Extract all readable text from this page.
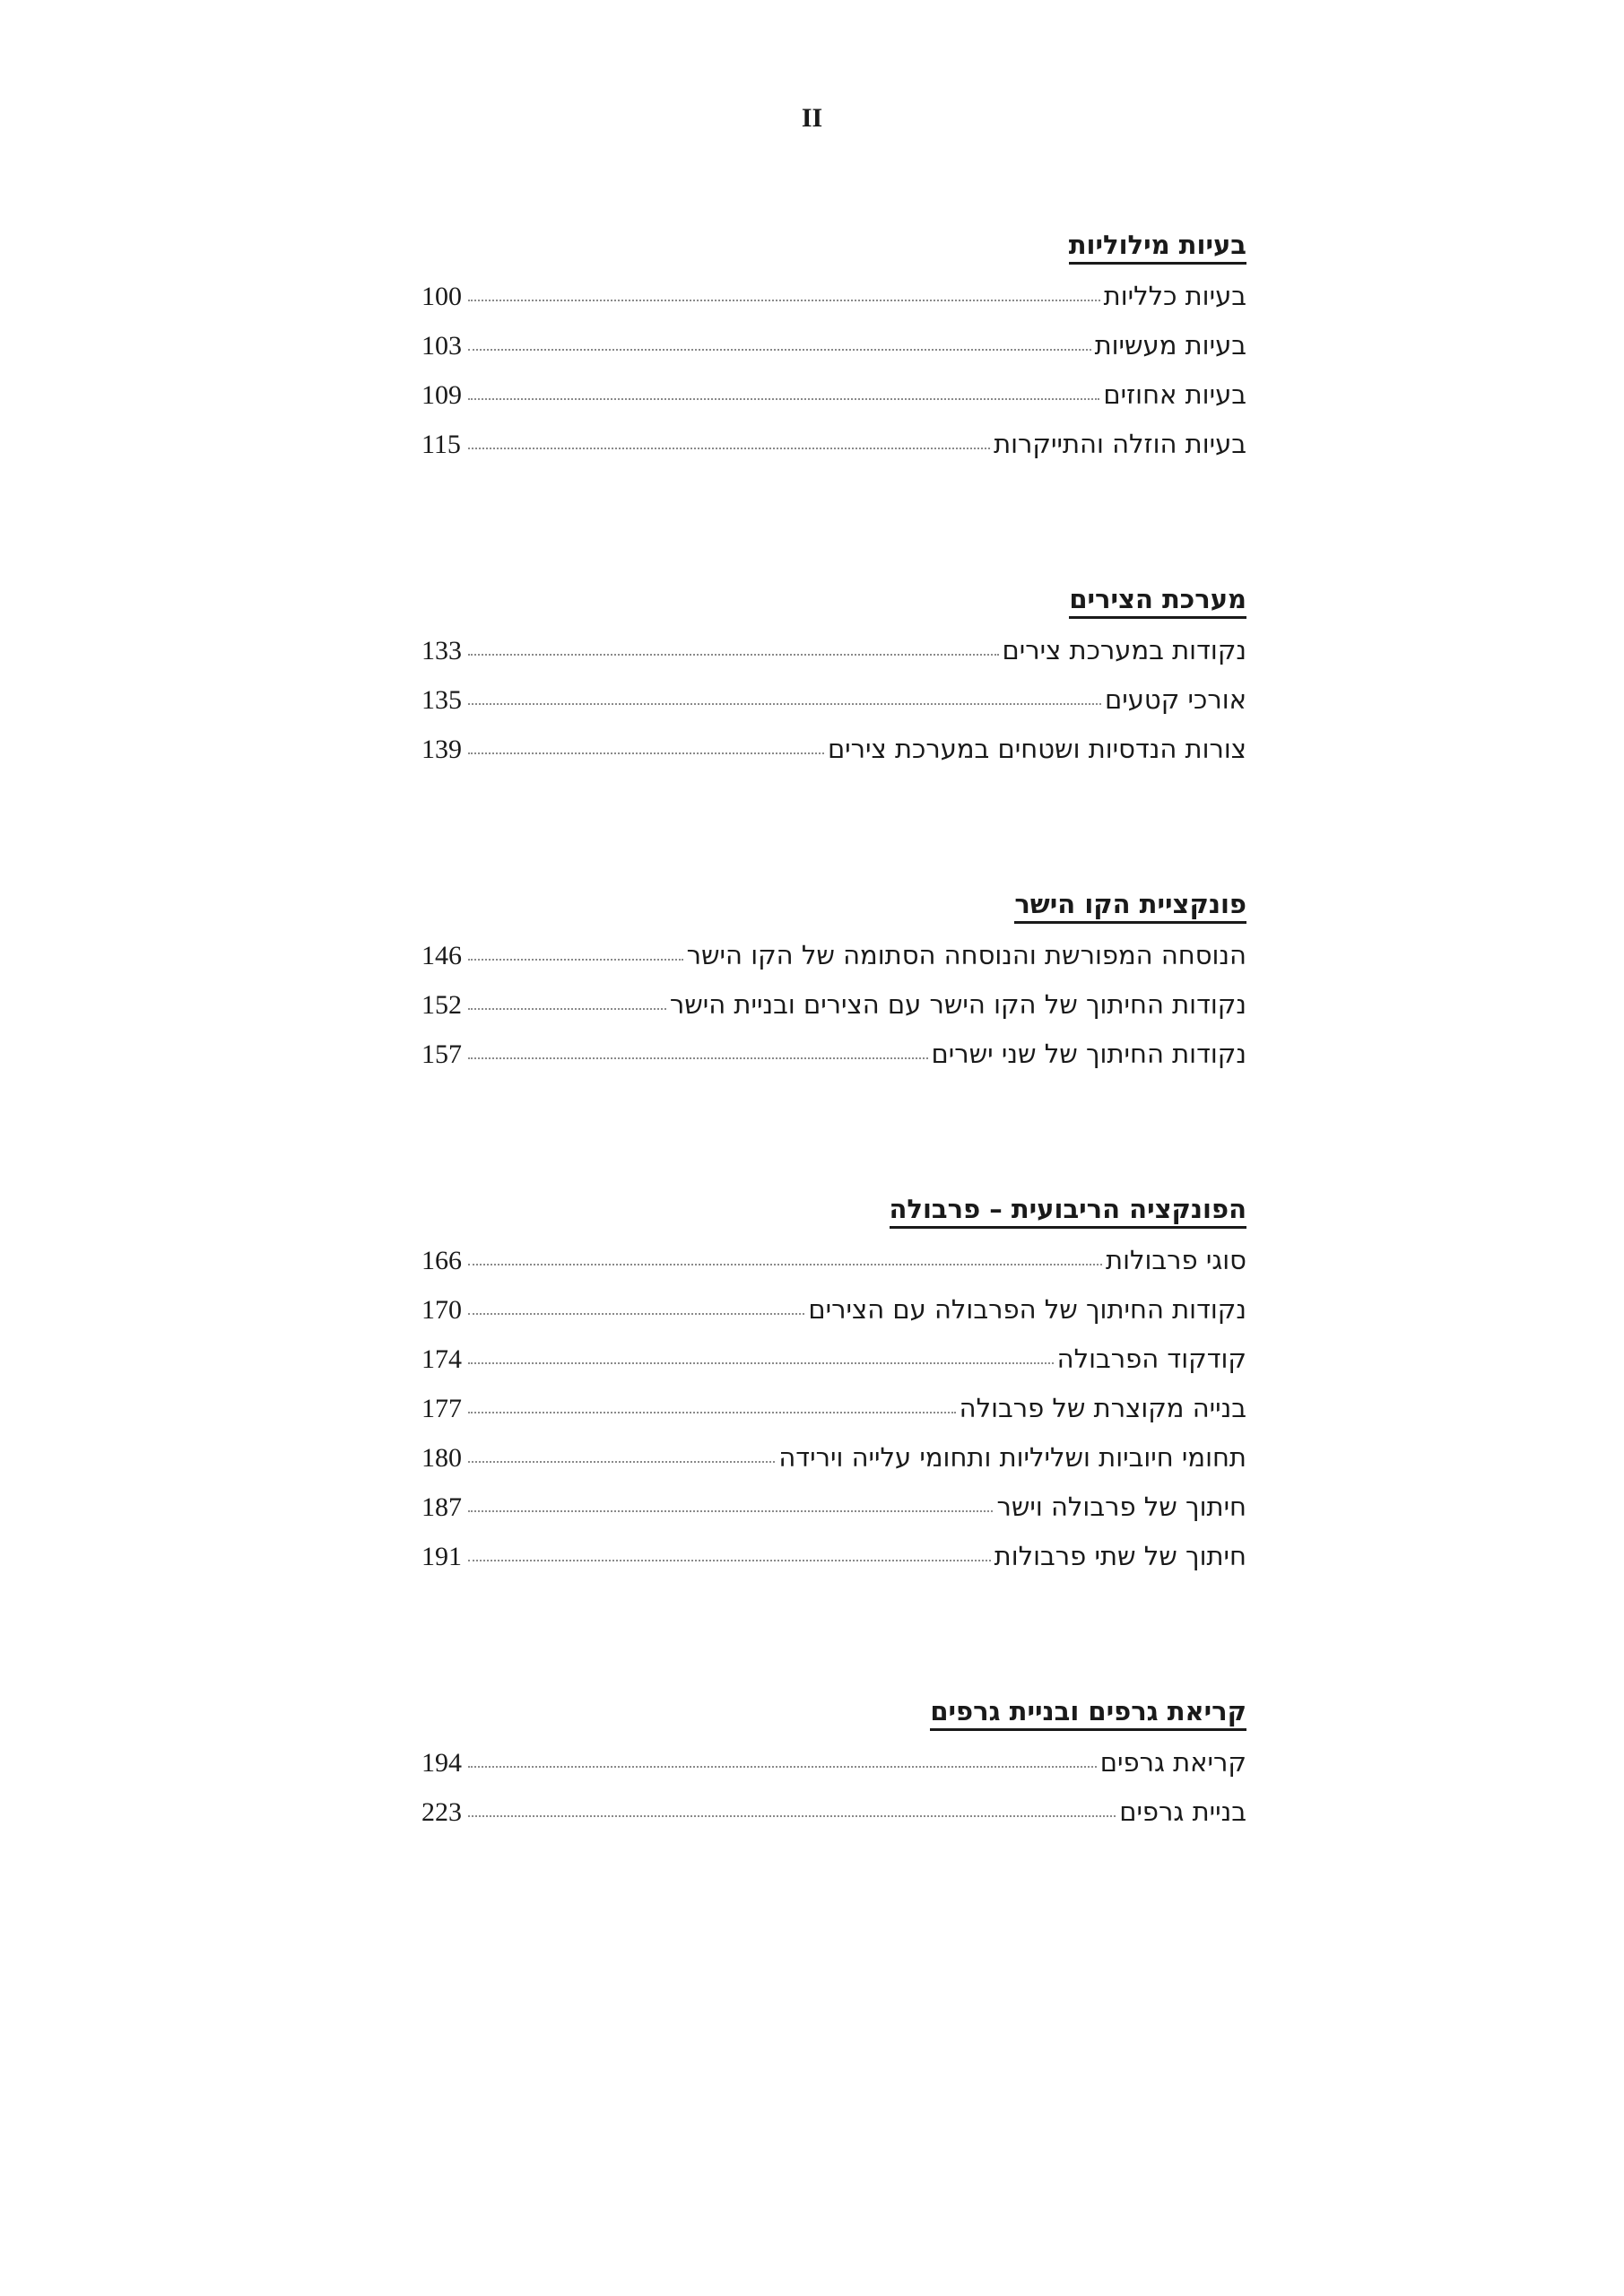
II
בעיות מילוליות
בעיות כלליות
100
בעיות מעשיות
103
בעיות אחוזים
109
בעיות הוזלה והתייקרות
115
מערכת הצירים
נקודות במערכת צירים
133
אורכי קטעים
135
צורות הנדסיות ושטחים במערכת צירים
139
פונקציית הקו הישר
הנוסחה המפורשת והנוסחה הסתומה של הקו הישר
146
נקודות החיתוך של הקו הישר עם הצירים ובניית הישר
152
נקודות החיתוך של שני ישרים
157
הפונקציה הריבועית – פרבולה
סוגי פרבולות
166
נקודות החיתוך של הפרבולה עם הצירים
170
קודקוד הפרבולה
174
בנייה מקוצרת של פרבולה
177
תחומי חיוביות ושליליות ותחומי עלייה וירידה
180
חיתוך של פרבולה וישר
187
חיתוך של שתי פרבולות
191
קריאת גרפים ובניית גרפים
קריאת גרפים
194
בניית גרפים
223
